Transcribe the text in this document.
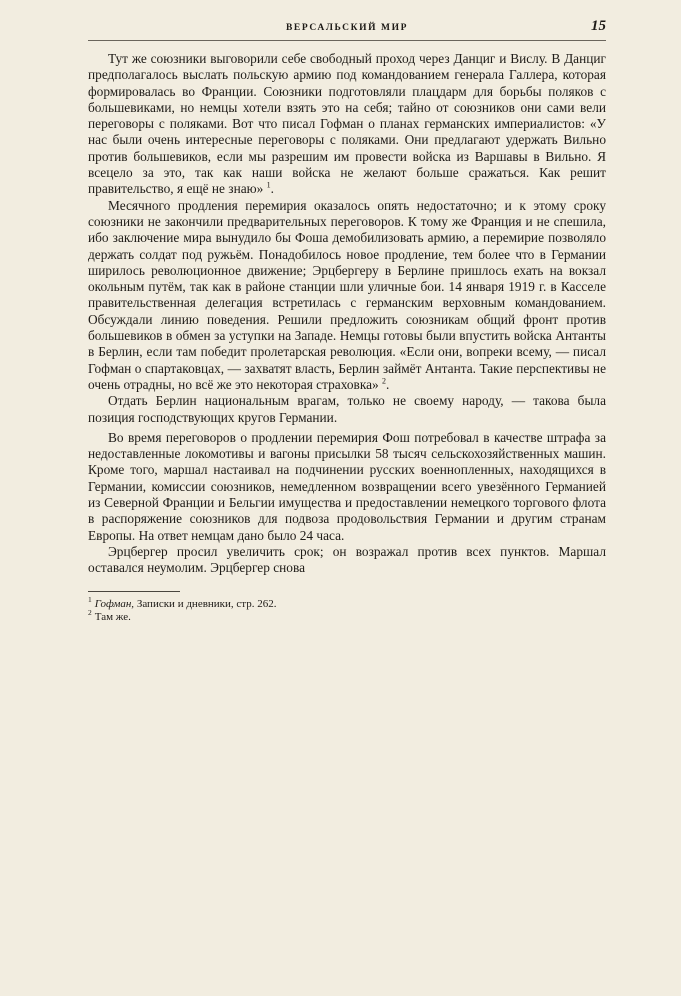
ВЕРСАЛЬСКИЙ МИР	15

Тут же союзники выговорили себе свободный проход через Данциг и Вислу. В Данциг предполагалось выслать польскую армию под командованием генерала Галлера, которая формировалась во Франции. Союзники подготовляли плацдарм для борьбы поляков с большевиками, но немцы хотели взять это на себя; тайно от союзников они сами вели переговоры с поляками. Вот что писал Гофман о планах германских империалистов: «У нас были очень интересные переговоры с поляками. Они предлагают удержать Вильно против большевиков, если мы разрешим им провести войска из Варшавы в Вильно. Я всецело за это, так как наши войска не желают больше сражаться. Как решит правительство, я ещё не знаю» $^1$.

Месячного продления перемирия оказалось опять недостаточно; и к этому сроку союзники не закончили предварительных переговоров. К тому же Франция и не спешила, ибо заключение мира вынудило бы Фоша демобилизовать армию, а перемирие позволяло держать солдат под ружьём. Понадобилось новое продление, тем более что в Германии ширилось революционное движение; Эрцбергеру в Берлине пришлось ехать на вокзал окольным путём, так как в районе станции шли уличные бои. 14 января 1919 г. в Касселе правительственная делегация встретилась с германским верховным командованием. Обсуждали линию поведения. Решили предложить союзникам общий фронт против большевиков в обмен за уступки на Западе. Немцы готовы были впустить войска Антанты в Берлин, если там победит пролетарская революция. «Если они, вопреки всему, — писал Гофман о спартаковцах, — захватят власть, Берлин займёт Антанта. Такие перспективы не очень отрадны, но всё же это некоторая страховка» $^2$.

Отдать Берлин национальным врагам, только не своему народу, — такова была позиция господствующих кругов Германии.

Во время переговоров о продлении перемирия Фош потребовал в качестве штрафа за недоставленные локомотивы и вагоны присылки 58 тысяч сельскохозяйственных машин. Кроме того, маршал настаивал на подчинении русских военнопленных, находящихся в Германии, комиссии союзников, немедленном возвращении всего увезённого Германией из Северной Франции и Бельгии имущества и предоставлении немецкого торгового флота в распоряжение союзников для подвоза продовольствия Германии и другим странам Европы. На ответ немцам дано было 24 часа.

Эрцбергер просил увеличить срок; он возражал против всех пунктов. Маршал оставался неумолим. Эрцбергер снова

$^1$ Гофман, Записки и дневники, стр. 262.
$^2$ Там же.
